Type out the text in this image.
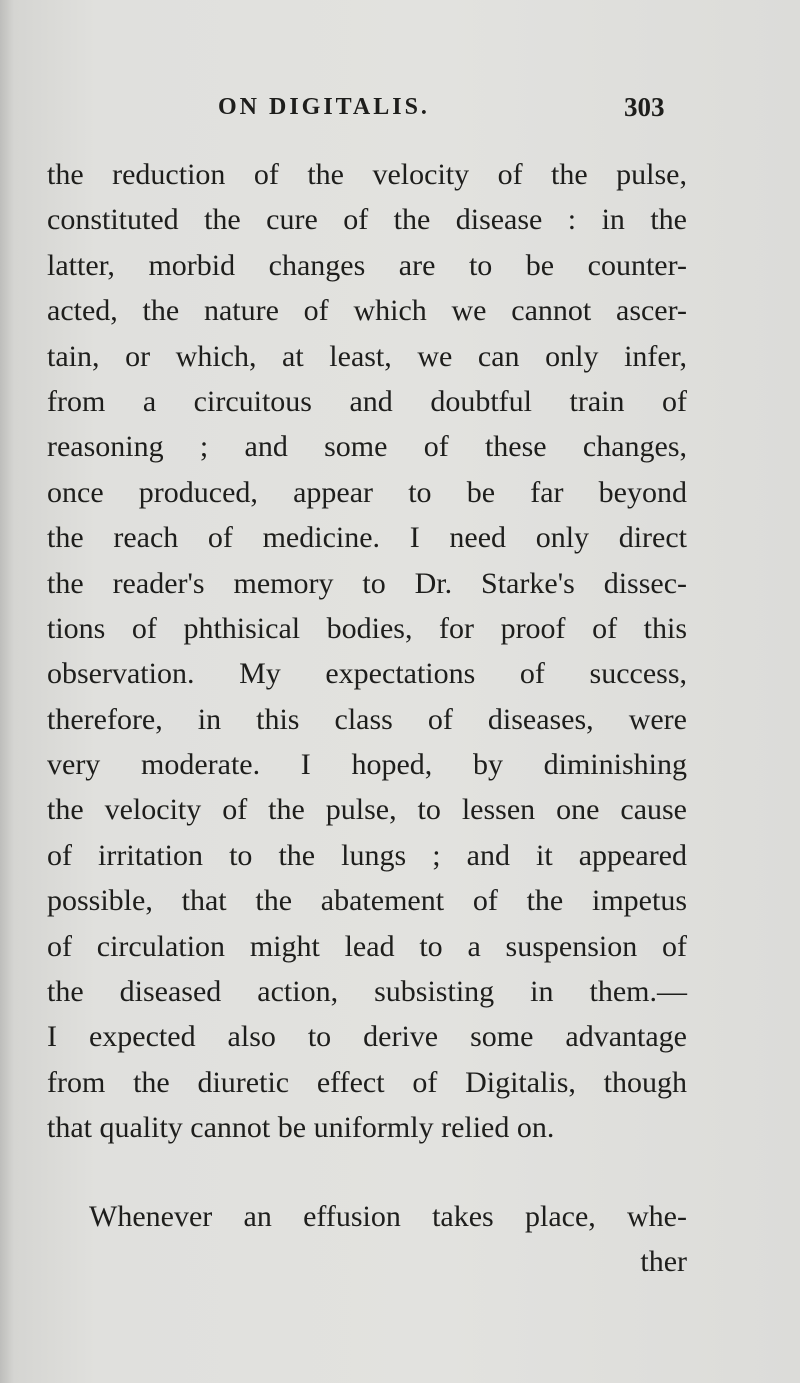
ON DIGITALIS.	303
the reduction of the velocity of the pulse,
constituted the cure of the disease : in the
latter, morbid changes are to be counter-
acted, the nature of which we cannot ascer-
tain, or which, at least, we can only infer,
from a circuitous and doubtful train of
reasoning ; and some of these changes,
once produced, appear to be far beyond
the reach of medicine. I need only direct
the reader's memory to Dr. Starke's dissec-
tions of phthisical bodies, for proof of this
observation. My expectations of success,
therefore, in this class of diseases, were
very moderate. I hoped, by diminishing
the velocity of the pulse, to lessen one cause
of irritation to the lungs ; and it appeared
possible, that the abatement of the impetus
of circulation might lead to a suspension of
the diseased action, subsisting in them.—
I expected also to derive some advantage
from the diuretic effect of Digitalis, though
that quality cannot be uniformly relied on.
Whenever an effusion takes place, whe-
ther
